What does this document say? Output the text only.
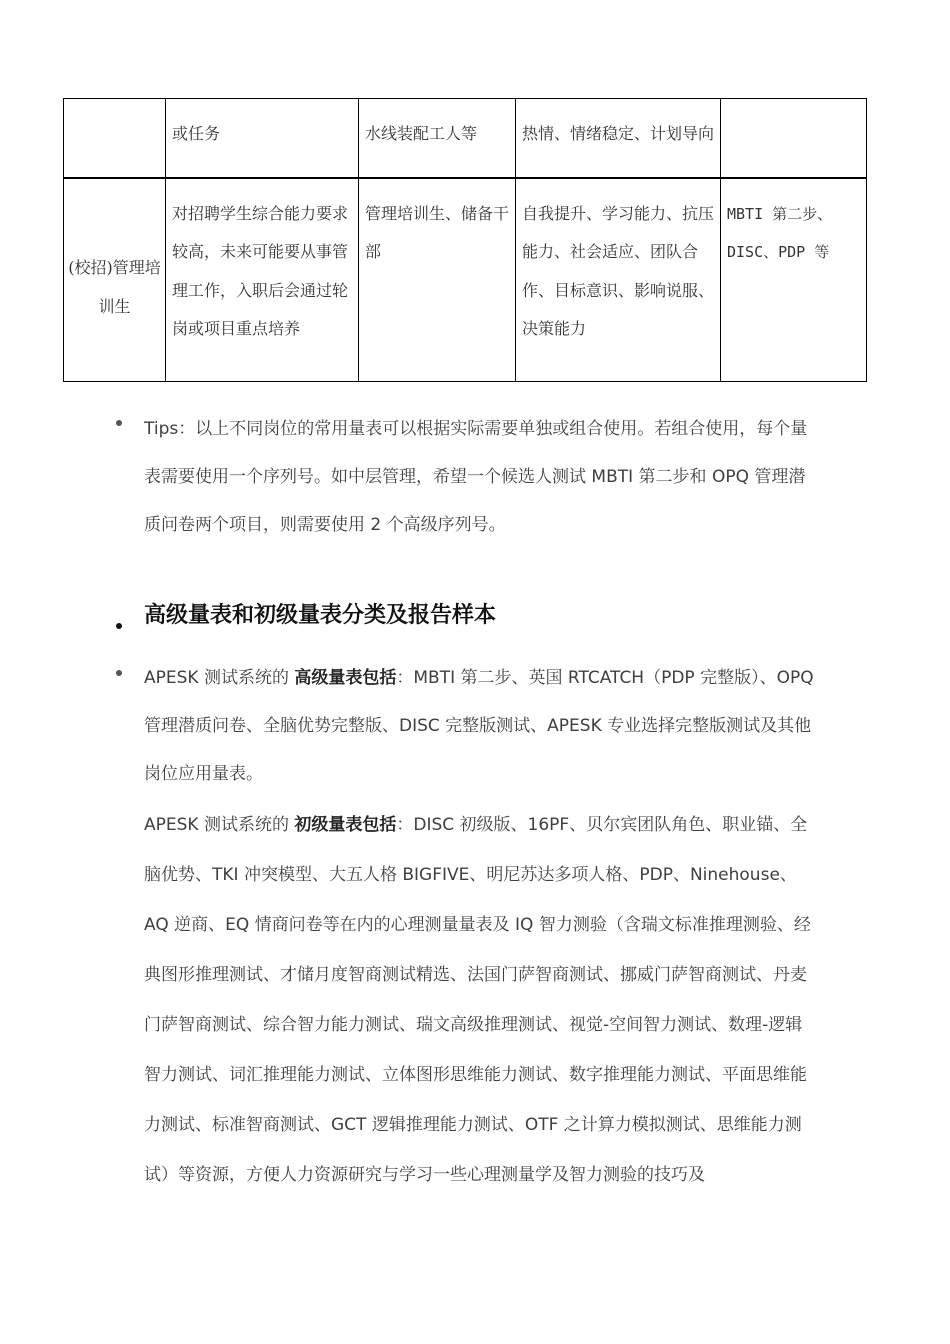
	或任务	水线装配工人等	热情、情绪稳定、计划导向	
(校招)管理培训生	对招聘学生综合能力要求较高，未来可能要从事管理工作，入职后会通过轮岗或项目重点培养	管理培训生、储备干部	自我提升、学习能力、抗压能力、社会适应、团队合作、目标意识、影响说服、决策能力	MBTI 第二步、DISC、PDP 等
Tips：以上不同岗位的常用量表可以根据实际需要单独或组合使用。若组合使用，每个量表需要使用一个序列号。如中层管理，希望一个候选人测试 MBTI 第二步和 OPQ 管理潜质问卷两个项目，则需要使用 2 个高级序列号。
高级量表和初级量表分类及报告样本
APESK 测试系统的 高级量表包括：MBTI 第二步、英国 RTCATCH（PDP 完整版）、OPQ 管理潜质问卷、全脑优势完整版、DISC 完整版测试、APESK 专业选择完整版测试及其他岗位应用量表。
APESK 测试系统的 初级量表包括：DISC 初级版、16PF、贝尔宾团队角色、职业锚、全脑优势、TKI 冲突模型、大五人格 BIGFIVE、明尼苏达多项人格、PDP、Ninehouse、AQ 逆商、EQ 情商问卷等在内的心理测量量表及 IQ 智力测验（含瑞文标准推理测验、经典图形推理测试、才储月度智商测试精选、法国门萨智商测试、挪威门萨智商测试、丹麦门萨智商测试、综合智力能力测试、瑞文高级推理测试、视觉-空间智力测试、数理-逻辑智力测试、词汇推理能力测试、立体图形思维能力测试、数字推理能力测试、平面思维能力测试、标准智商测试、GCT 逻辑推理能力测试、OTF 之计算力模拟测试、思维能力测试）等资源，方便人力资源研究与学习一些心理测量学及智力测验的技巧及
